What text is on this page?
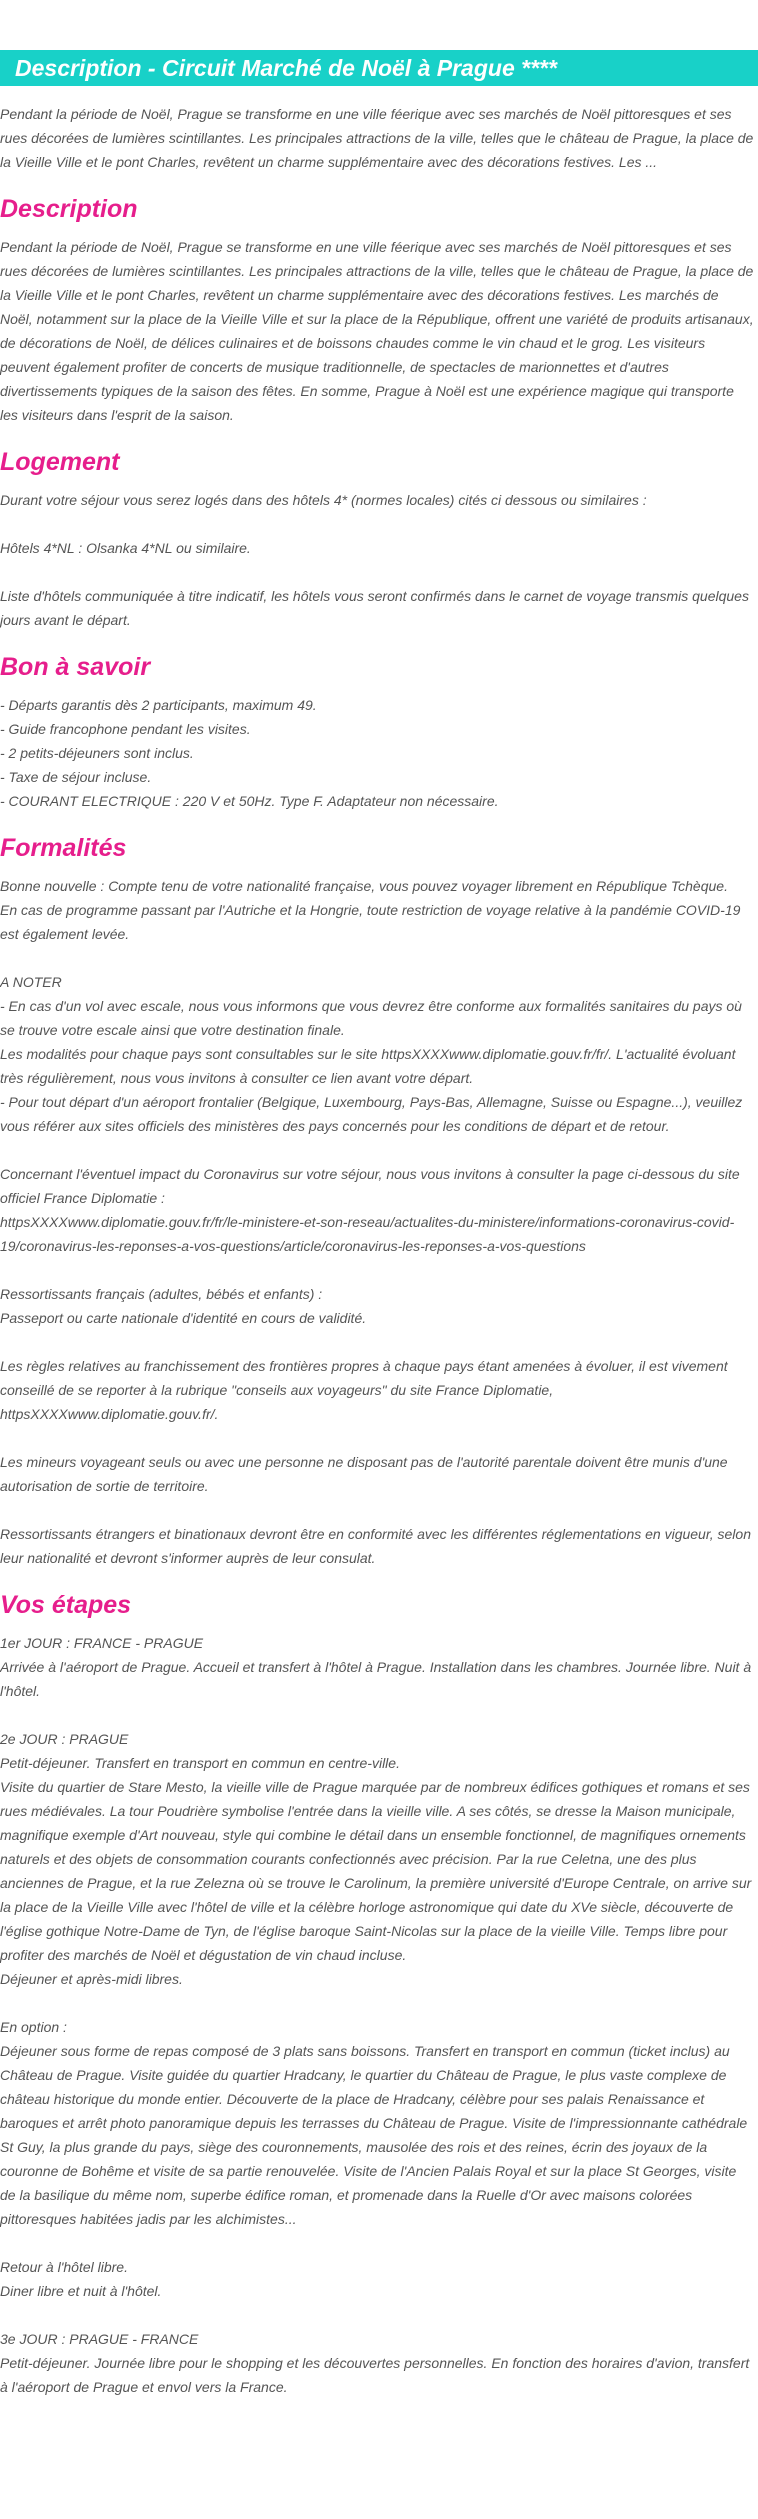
Description - Circuit Marché de Noël à Prague ****

Pendant la période de Noël, Prague se transforme en une ville féerique avec ses marchés de Noël pittoresques et ses rues décorées de lumières scintillantes. Les principales attractions de la ville, telles que le château de Prague, la place de la Vieille Ville et le pont Charles, revêtent un charme supplémentaire avec des décorations festives. Les ...

Description

Pendant la période de Noël, Prague se transforme en une ville féerique avec ses marchés de Noël pittoresques et ses rues décorées de lumières scintillantes. Les principales attractions de la ville, telles que le château de Prague, la place de la Vieille Ville et le pont Charles, revêtent un charme supplémentaire avec des décorations festives. Les marchés de Noël, notamment sur la place de la Vieille Ville et sur la place de la République, offrent une variété de produits artisanaux, de décorations de Noël, de délices culinaires et de boissons chaudes comme le vin chaud et le grog. Les visiteurs peuvent également profiter de concerts de musique traditionnelle, de spectacles de marionnettes et d'autres divertissements typiques de la saison des fêtes. En somme, Prague à Noël est une expérience magique qui transporte les visiteurs dans l'esprit de la saison.

Logement

Durant votre séjour vous serez logés dans des hôtels 4* (normes locales) cités ci dessous ou similaires :

Hôtels 4*NL : Olsanka 4*NL ou similaire.

Liste d'hôtels communiquée à titre indicatif, les hôtels vous seront confirmés dans le carnet de voyage transmis quelques jours avant le départ.

Bon à savoir

- Départs garantis dès 2 participants, maximum 49.

- Guide francophone pendant les visites.

- 2 petits-déjeuners sont inclus.

- Taxe de séjour incluse.

- COURANT ELECTRIQUE : 220 V et 50Hz. Type F. Adaptateur non nécessaire.

Formalités

Bonne nouvelle : Compte tenu de votre nationalité française, vous pouvez voyager librement en République Tchèque.
En cas de programme passant par l'Autriche et la Hongrie, toute restriction de voyage relative à la pandémie COVID-19 est également levée.

A NOTER
- En cas d'un vol avec escale, nous vous informons que vous devrez être conforme aux formalités sanitaires du pays où se trouve votre escale ainsi que votre destination finale.
Les modalités pour chaque pays sont consultables sur le site httpsXXXXwww.diplomatie.gouv.fr/fr/. L'actualité évoluant très régulièrement, nous vous invitons à consulter ce lien avant votre départ.
- Pour tout départ d'un aéroport frontalier (Belgique, Luxembourg, Pays-Bas, Allemagne, Suisse ou Espagne...), veuillez vous référer aux sites officiels des ministères des pays concernés pour les conditions de départ et de retour.

Concernant l'éventuel impact du Coronavirus sur votre séjour, nous vous invitons à consulter la page ci-dessous du site officiel France Diplomatie :
httpsXXXXwww.diplomatie.gouv.fr/fr/le-ministere-et-son-reseau/actualites-du-ministere/informations-coronavirus-covid-19/coronavirus-les-reponses-a-vos-questions/article/coronavirus-les-reponses-a-vos-questions

Ressortissants français (adultes, bébés et enfants) :
Passeport ou carte nationale d'identité en cours de validité.

Les règles relatives au franchissement des frontières propres à chaque pays étant amenées à évoluer, il est vivement conseillé de se reporter à la rubrique "conseils aux voyageurs" du site France Diplomatie, httpsXXXXwww.diplomatie.gouv.fr/.

Les mineurs voyageant seuls ou avec une personne ne disposant pas de l'autorité parentale doivent être munis d'une autorisation de sortie de territoire.

Ressortissants étrangers et binationaux devront être en conformité avec les différentes réglementations en vigueur, selon leur nationalité et devront s'informer auprès de leur consulat.

Vos étapes

1er JOUR : FRANCE - PRAGUE
Arrivée à l'aéroport de Prague. Accueil et transfert à l'hôtel à Prague. Installation dans les chambres. Journée libre. Nuit à l'hôtel.

2e JOUR : PRAGUE
Petit-déjeuner. Transfert en transport en commun en centre-ville.
Visite du quartier de Stare Mesto, la vieille ville de Prague marquée par de nombreux édifices gothiques et romans et ses rues médiévales. La tour Poudrière symbolise l'entrée dans la vieille ville. A ses côtés, se dresse la Maison municipale, magnifique exemple d'Art nouveau, style qui combine le détail dans un ensemble fonctionnel, de magnifiques ornements naturels et des objets de consommation courants confectionnés avec précision. Par la rue Celetna, une des plus anciennes de Prague, et la rue Zelezna où se trouve le Carolinum, la première université d'Europe Centrale, on arrive sur la place de la Vieille Ville avec l'hôtel de ville et la célèbre horloge astronomique qui date du XVe siècle, découverte de l'église gothique Notre-Dame de Tyn, de l'église baroque Saint-Nicolas sur la place de la vieille Ville. Temps libre pour profiter des marchés de Noël et dégustation de vin chaud incluse.
Déjeuner et après-midi libres.

En option :
Déjeuner sous forme de repas composé de 3 plats sans boissons. Transfert en transport en commun (ticket inclus) au Château de Prague. Visite guidée du quartier Hradcany, le quartier du Château de Prague, le plus vaste complexe de château historique du monde entier. Découverte de la place de Hradcany, célèbre pour ses palais Renaissance et baroques et arrêt photo panoramique depuis les terrasses du Château de Prague. Visite de l'impressionnante cathédrale St Guy, la plus grande du pays, siège des couronnements, mausolée des rois et des reines, écrin des joyaux de la couronne de Bohême et visite de sa partie renouvelée. Visite de l'Ancien Palais Royal et sur la place St Georges, visite de la basilique du même nom, superbe édifice roman, et promenade dans la Ruelle d'Or avec maisons colorées pittoresques habitées jadis par les alchimistes...

Retour à l'hôtel libre.
Diner libre et nuit à l'hôtel.

3e JOUR : PRAGUE - FRANCE
Petit-déjeuner. Journée libre pour le shopping et les découvertes personnelles. En fonction des horaires d'avion, transfert à l'aéroport de Prague et envol vers la France.
